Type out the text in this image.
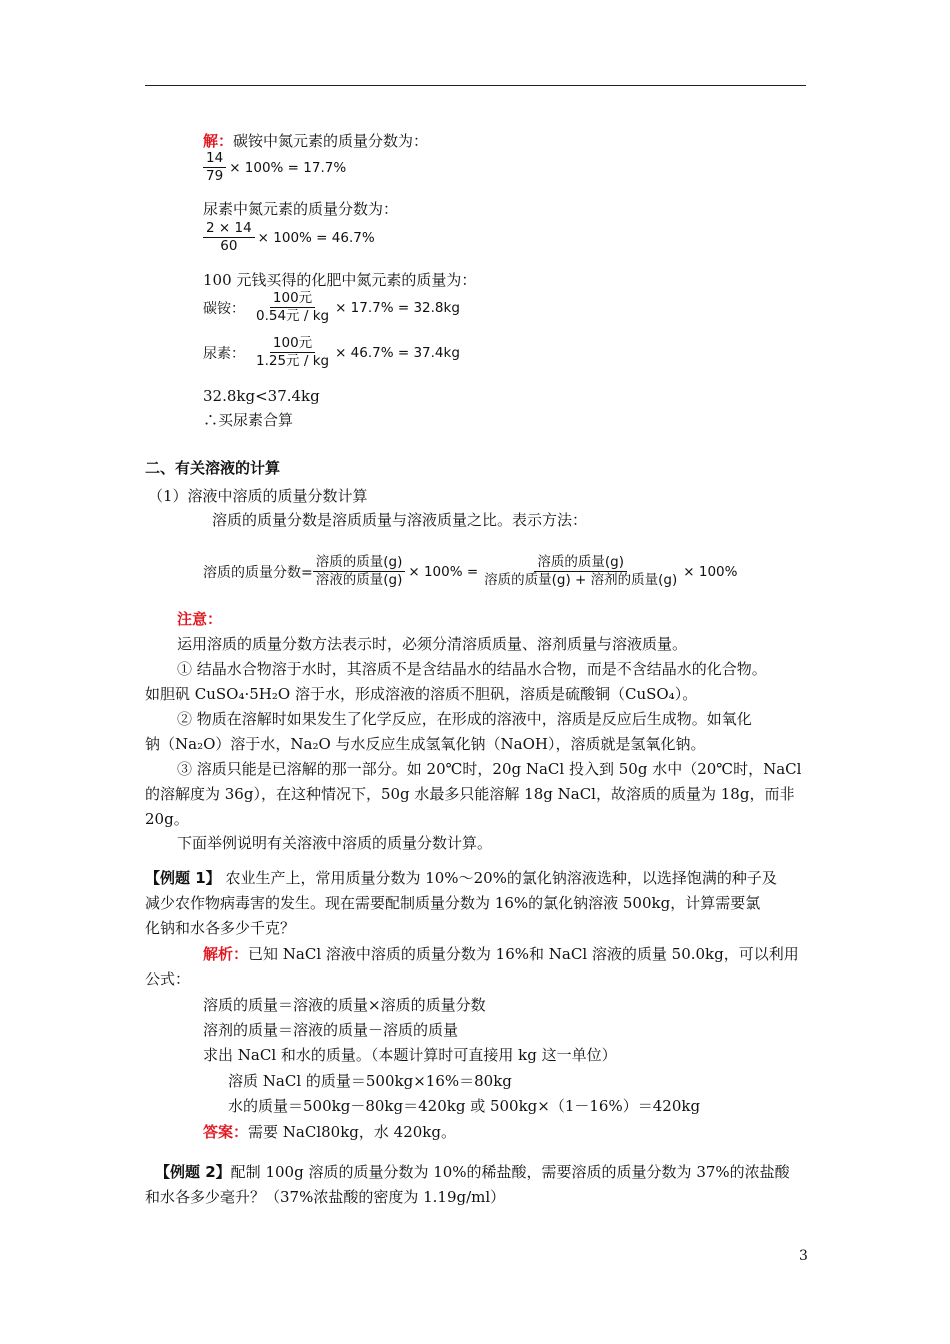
解：碳铵中氮元素的质量分数为：
$\frac{14}{79} \times 100\% = 17.7\%$
尿素中氮元素的质量分数为：
$\frac{2 \times 14}{60} \times 100\% = 46.7\%$
100 元钱买得的化肥中氮元素的质量为：
碳铵： $\frac{\text{100元}}{\text{0.54元 / kg}} \times 17.7\% = 32.8kg$
尿素： $\frac{\text{100元}}{\text{1.25元 / kg}} \times 46.7\% = 37.4kg$
32.8kg<37.4kg
∴买尿素合算
二、有关溶液的计算
（1）溶液中溶质的质量分数计算
溶质的质量分数是溶质质量与溶液质量之比。表示方法：
溶质的质量分数= $\frac{\text{溶质的质量(g)}}{\text{溶液的质量(g)}} \times 100\% = \frac{\text{溶质的质量(g)}}{\text{溶质的质量(g) + 溶剂的质量(g)}} \times 100\%$
注意：
运用溶质的质量分数方法表示时，必须分清溶质质量、溶剂质量与溶液质量。
① 结晶水合物溶于水时，其溶质不是含结晶水的结晶水合物，而是不含结晶水的化合物。
如胆矾 CuSO₄·5H₂O 溶于水，形成溶液的溶质不胆矾，溶质是硫酸铜（CuSO₄）。
② 物质在溶解时如果发生了化学反应，在形成的溶液中，溶质是反应后生成物。如氧化
钠（Na₂O）溶于水，Na₂O 与水反应生成氢氧化钠（NaOH），溶质就是氢氧化钠。
③ 溶质只能是已溶解的那一部分。如 20℃时，20g NaCl 投入到 50g 水中（20℃时，NaCl
的溶解度为 36g），在这种情况下，50g 水最多只能溶解 18g NaCl，故溶质的质量为 18g，而非
20g。
下面举例说明有关溶液中溶质的质量分数计算。
【例题 1】 农业生产上，常用质量分数为 10%～20%的氯化钠溶液选种，以选择饱满的种子及
减少农作物病毒害的发生。现在需要配制质量分数为 16%的氯化钠溶液 500kg，计算需要氯
化钠和水各多少千克？
解析：已知 NaCl 溶液中溶质的质量分数为 16%和 NaCl 溶液的质量 50.0kg，可以利用
公式：
溶质的质量＝溶液的质量×溶质的质量分数
溶剂的质量＝溶液的质量－溶质的质量
求出 NaCl 和水的质量。（本题计算时可直接用 kg 这一单位）
溶质 NaCl 的质量＝500kg×16%＝80kg
水的质量＝500kg－80kg＝420kg 或 500kg×（1－16%）＝420kg
答案：需要 NaCl80kg，水 420kg。
【例题 2】配制 100g 溶质的质量分数为 10%的稀盐酸，需要溶质的质量分数为 37%的浓盐酸
和水各多少毫升？（37%浓盐酸的密度为 1.19g/ml）
3
